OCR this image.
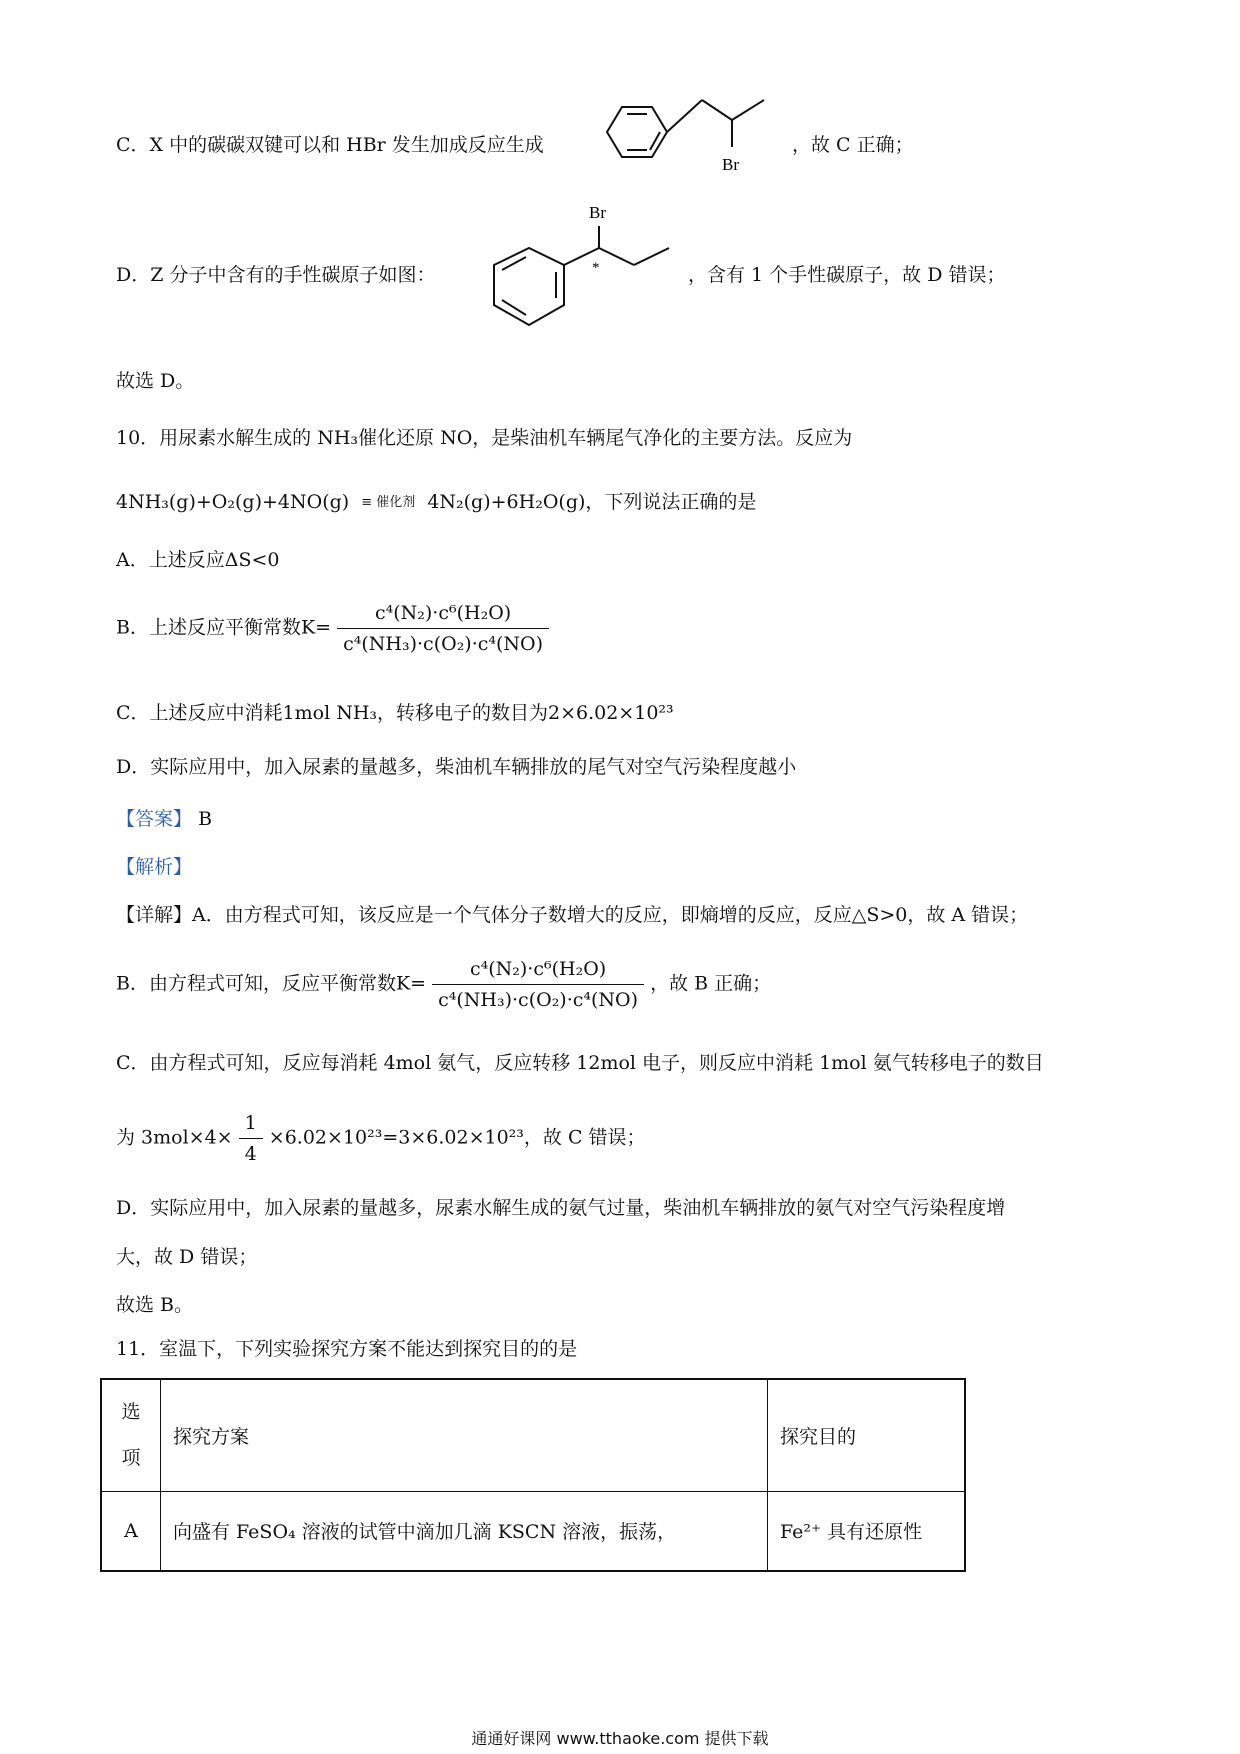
C．X 中的碳碳双键可以和 HBr 发生加成反应生成
Br
，故 C 正确；
D．Z 分子中含有的手性碳原子如图：
Br
*	，含有 1 个手性碳原子，故 D 错误；
故选 D。
10．用尿素水解生成的 NH₃催化还原 NO，是柴油机车辆尾气净化的主要方法。反应为
4NH₃(g)+O₂(g)+4NO(g) ≡ 催化剂 4N₂(g)+6H₂O(g)，下列说法正确的是
A．上述反应ΔS<0
B．上述反应平衡常数$K= \frac{\text{c⁴(N₂)·c⁶(H₂O)}}{\text{c⁴(NH₃)·c(O₂)·c⁴(NO)}}$
C．上述反应中消耗1mol NH₃，转移电子的数目为2×6.02×10²³
D．实际应用中，加入尿素的量越多，柴油机车辆排放的尾气对空气污染程度越小
【答案】 B
【解析】
【详解】A．由方程式可知，该反应是一个气体分子数增大的反应，即熵增的反应，反应△S>0，故 A 错误；
B．由方程式可知，反应平衡常数$K= \frac{\text{c⁴(N₂)·c⁶(H₂O)}}{\text{c⁴(NH₃)·c(O₂)·c⁴(NO)}}$ ，故 B 正确；
C．由方程式可知，反应每消耗 4mol 氨气，反应转移 12mol 电子，则反应中消耗 1mol 氨气转移电子的数目
为 $3mol\times 4\times \frac{1}{4} \times 6.02\times 10^{23}=3\times 6.02\times 10^{23}$，故 C 错误；
D．实际应用中，加入尿素的量越多，尿素水解生成的氨气过量，柴油机车辆排放的氨气对空气污染程度增
大，故 D 错误；
故选 B。
11．室温下，下列实验探究方案不能达到探究目的的是
选
项	探究方案	探究目的
A	向盛有 FeSO₄ 溶液的试管中滴加几滴 KSCN 溶液，振荡，	Fe²⁺ 具有还原性
通通好课网 www.tthaoke.com 提供下载
